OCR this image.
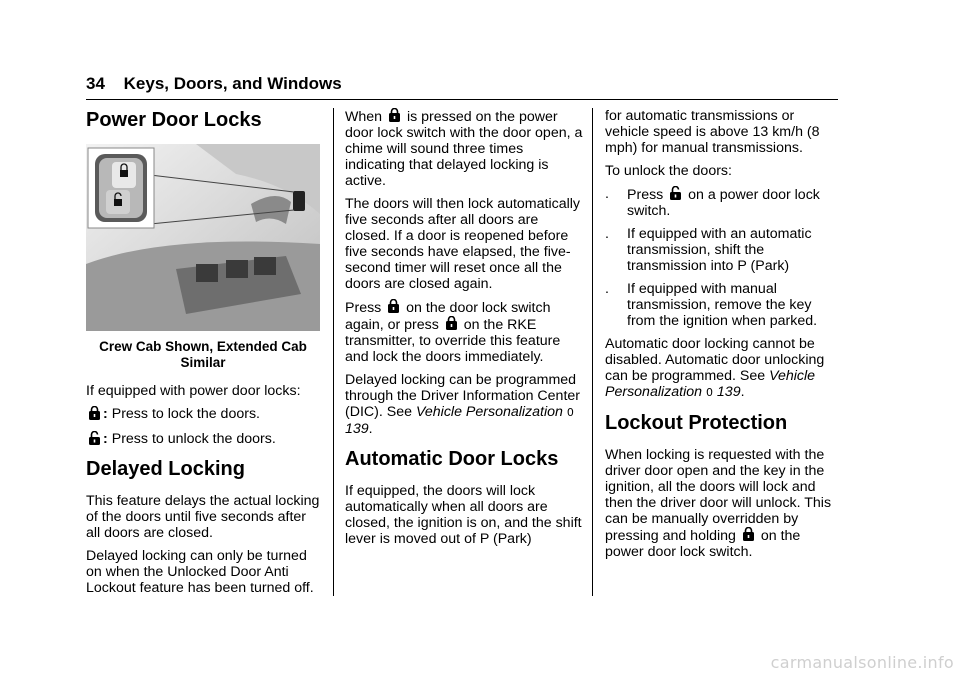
34 Keys, Doors, and Windows
Power Door Locks
Crew Cab Shown, Extended Cab Similar

If equipped with power door locks:

: Press to lock the doors.
: Press to unlock the doors.
Delayed Locking

This feature delays the actual locking of the doors until five seconds after all doors are closed.

Delayed locking can only be turned on when the Unlocked Door Anti Lockout feature has been turned off.

When is pressed on the power door lock switch with the door open, a chime will sound three times indicating that delayed locking is active.

The doors will then lock automatically five seconds after all doors are closed. If a door is reopened before five seconds have elapsed, the five-second timer will reset once all the doors are closed again.

Press on the door lock switch again, or press on the RKE transmitter, to override this feature and lock the doors immediately.

Delayed locking can be programmed through the Driver Information Center (DIC). See Vehicle Personalization 0 139.

Automatic Door Locks

If equipped, the doors will lock automatically when all doors are closed, the ignition is on, and the shift lever is moved out of P (Park)

for automatic transmissions or vehicle speed is above 13 km/h (8 mph) for manual transmissions.

To unlock the doors:

.	Press on a power door lock switch.
.	If equipped with an automatic transmission, shift the transmission into P (Park)
.	If equipped with manual transmission, remove the key from the ignition when parked.

Automatic door locking cannot be disabled. Automatic door unlocking can be programmed. See Vehicle Personalization 0 139.

Lockout Protection

When locking is requested with the driver door open and the key in the ignition, all the doors will lock and then the driver door will unlock. This can be manually overridden by pressing and holding on the power door lock switch.

carmanualsonline.info
